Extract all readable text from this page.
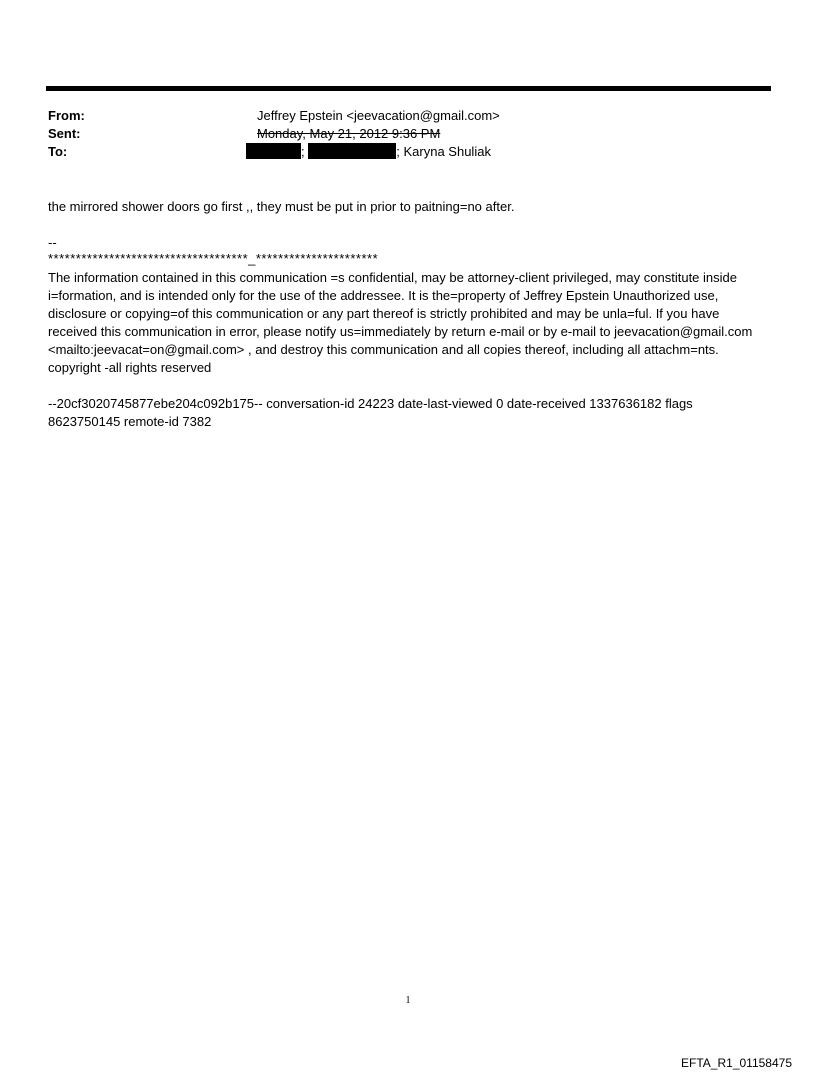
From:	Jeffrey Epstein <jeevacation@gmail.com>
Sent:	Monday, May 21, 2012 9:36 PM
To:	;	; Karyna Shuliak
the mirrored shower doors go first ,, they must be put in prior to paitning=no after.
--
************************************_**********************
The information contained in this communication =s confidential, may be attorney-client privileged, may constitute inside i=formation, and is intended only for the use of the addressee. It is the=property of Jeffrey Epstein Unauthorized use, disclosure or copying=of this communication or any part thereof is strictly prohibited and may be unla=ful. If you have received this communication in error, please notify us=immediately by return e-mail or by e-mail to jeevacation@gmail.com <mailto:jeevacat=on@gmail.com> , and destroy this communication and all copies thereof, including all attachm=nts. copyright -all rights reserved
--20cf3020745877ebe204c092b175-- conversation-id 24223 date-last-viewed 0 date-received 1337636182 flags 8623750145 remote-id 7382
1
EFTA_R1_01158475
